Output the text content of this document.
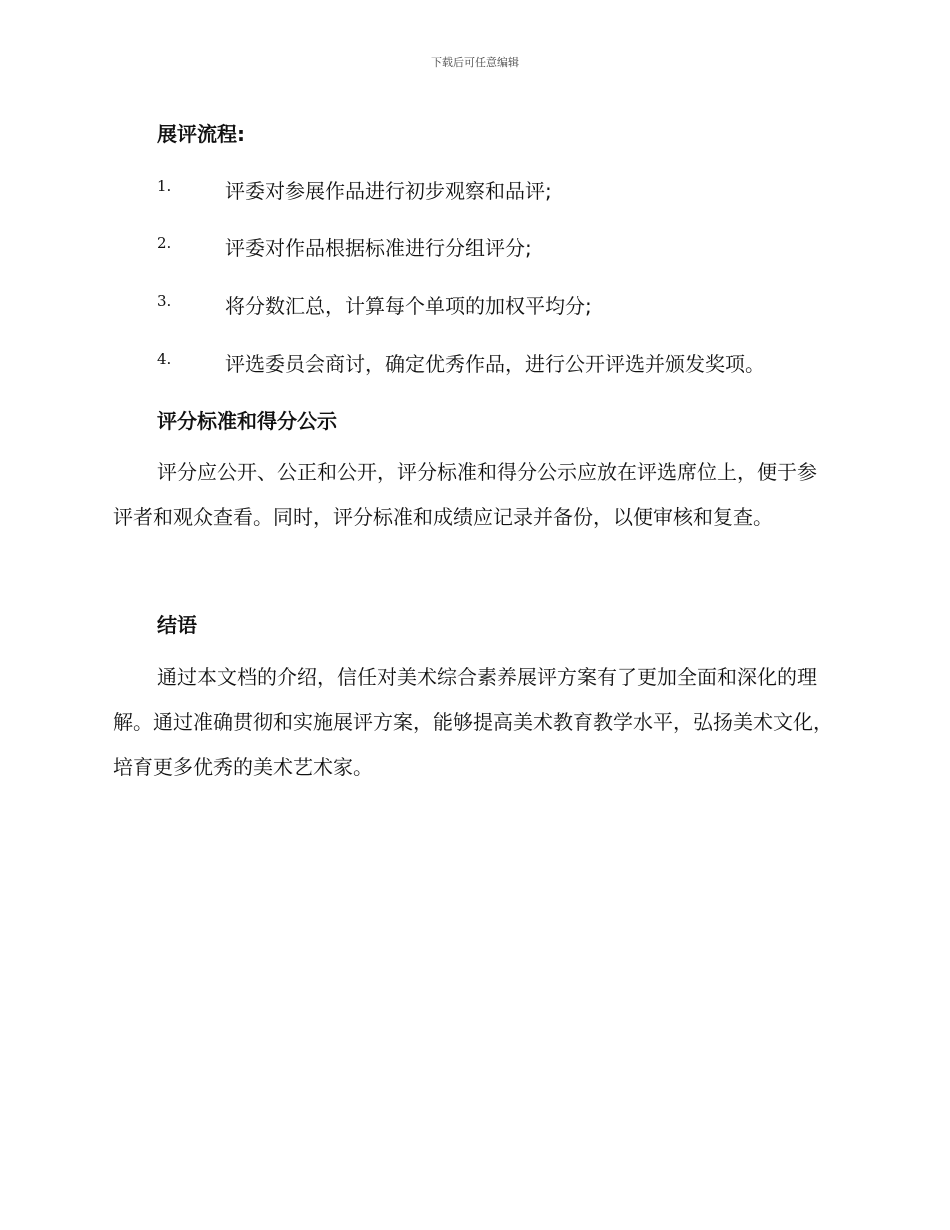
下载后可任意编辑
展评流程:
1.	评委对参展作品进行初步观察和品评;
2.	评委对作品根据标准进行分组评分;
3.	将分数汇总，计算每个单项的加权平均分;
4.	评选委员会商讨，确定优秀作品，进行公开评选并颁发奖项。
评分标准和得分公示

评分应公开、公正和公开，评分标准和得分公示应放在评选席位上，便于参评者和观众查看。同时，评分标准和成绩应记录并备份，以便审核和复查。

结语

通过本文档的介绍，信任对美术综合素养展评方案有了更加全面和深化的理解。通过准确贯彻和实施展评方案，能够提高美术教育教学水平，弘扬美术文化，培育更多优秀的美术艺术家。
